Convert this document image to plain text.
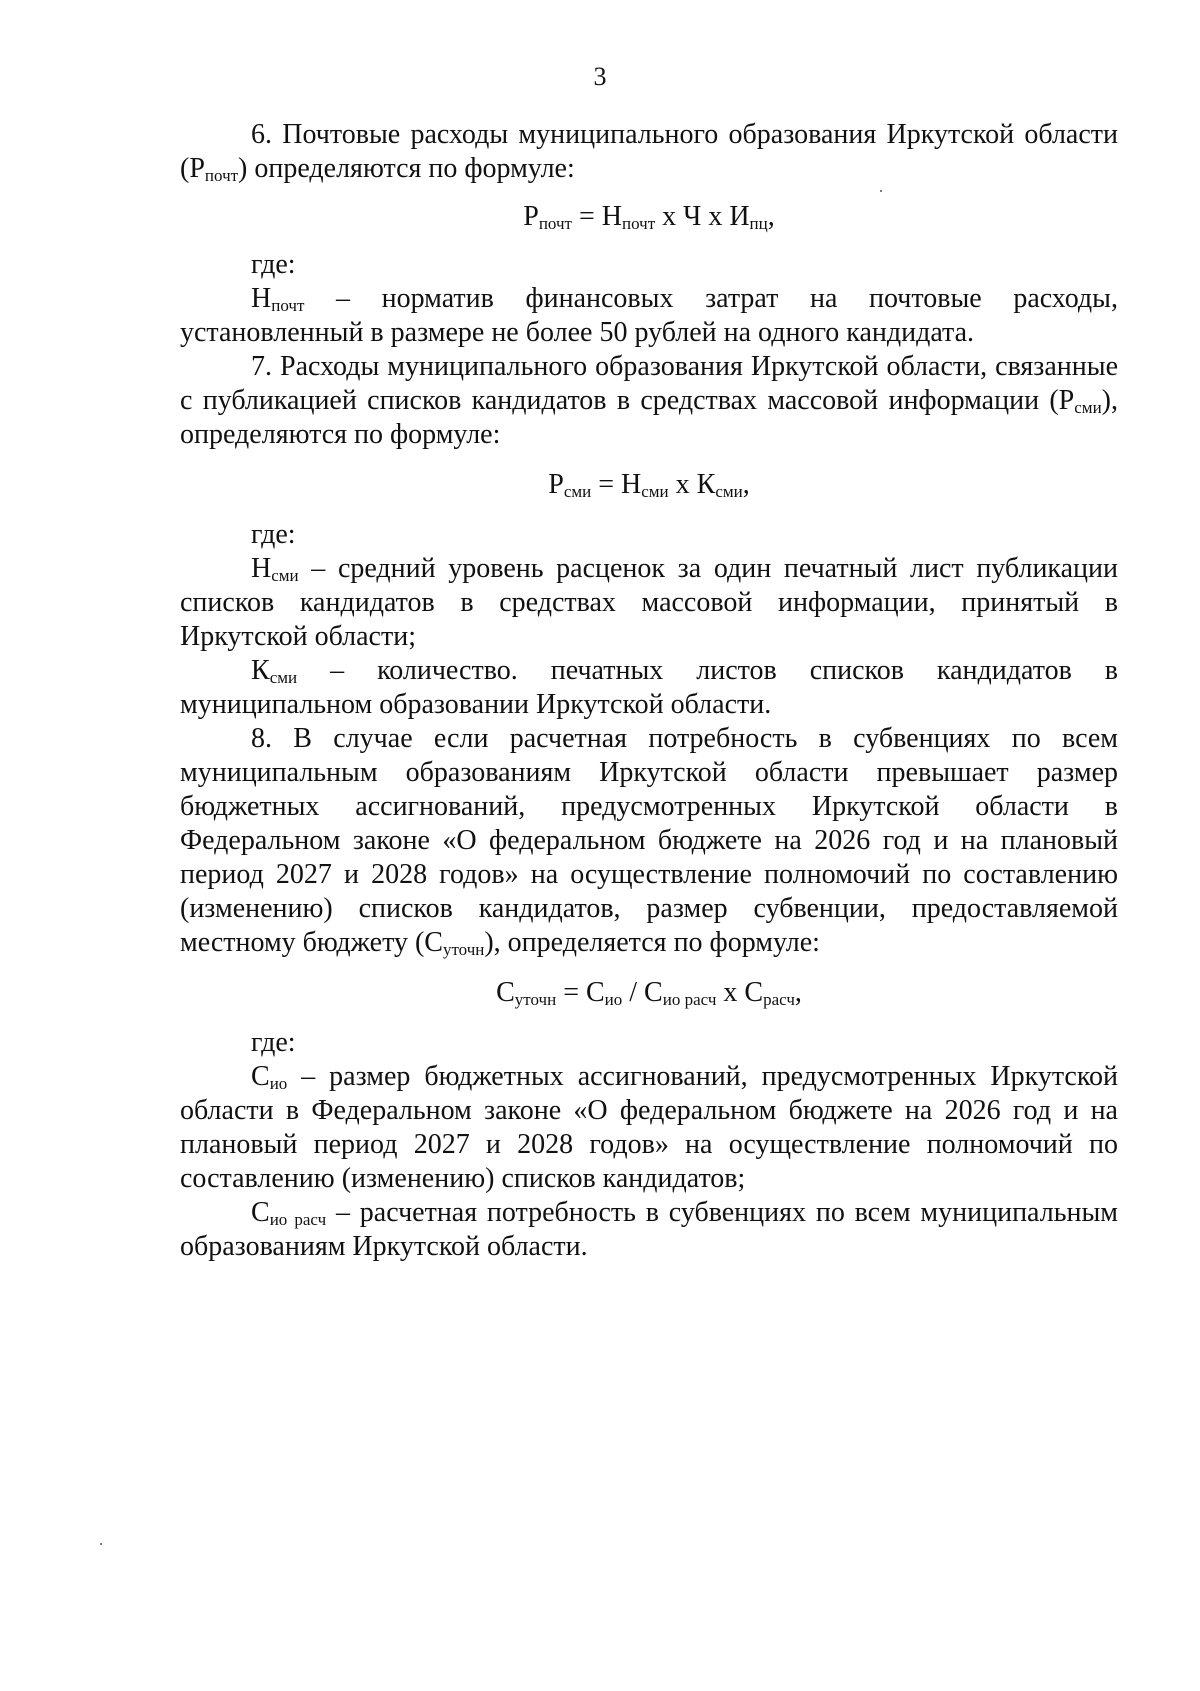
3

6. Почтовые расходы муниципального образования Иркутской области

$(Р_{почт})$ определяются по формуле:

$Р_{почт} = Н_{почт}$ х Ч х $И_{пц}$,

где:

$Н_{почт}$ – норматив финансовых затрат на почтовые расходы,

установленный в размере не более 50 рублей на одного кандидата.

7. Расходы муниципального образования Иркутской области, связанные с публикацией списков кандидатов в средствах массовой информации $(Р_{сми})$, определяются по формуле:

$Р_{сми} = Н_{сми}$ х $К_{сми}$,

где:

$Н_{сми}$ – средний уровень расценок за один печатный лист публикации списков кандидатов в средствах массовой информации, принятый в Иркутской области;

$К_{сми}$ – количество. печатных листов списков кандидатов в муниципальном образовании Иркутской области.

8. В случае если расчетная потребность в субвенциях по всем муниципальным образованиям Иркутской области превышает размер бюджетных ассигнований, предусмотренных Иркутской области в Федеральном законе «О федеральном бюджете на 2026 год и на плановый период 2027 и 2028 годов» на осуществление полномочий по составлению (изменению) списков кандидатов, размер субвенции, предоставляемой местному бюджету $(С_{уточн})$, определяется по формуле:

$С_{уточн} = С_{ио} / С_{ио расч}$ х $С_{расч}$,

где:

$С_{ио}$ – размер бюджетных ассигнований, предусмотренных Иркутской области в Федеральном законе «О федеральном бюджете на 2026 год и на плановый период 2027 и 2028 годов» на осуществление полномочий по составлению (изменению) списков кандидатов;

$С_{ио расч}$ – расчетная потребность в субвенциях по всем муниципальным образованиям Иркутской области.
